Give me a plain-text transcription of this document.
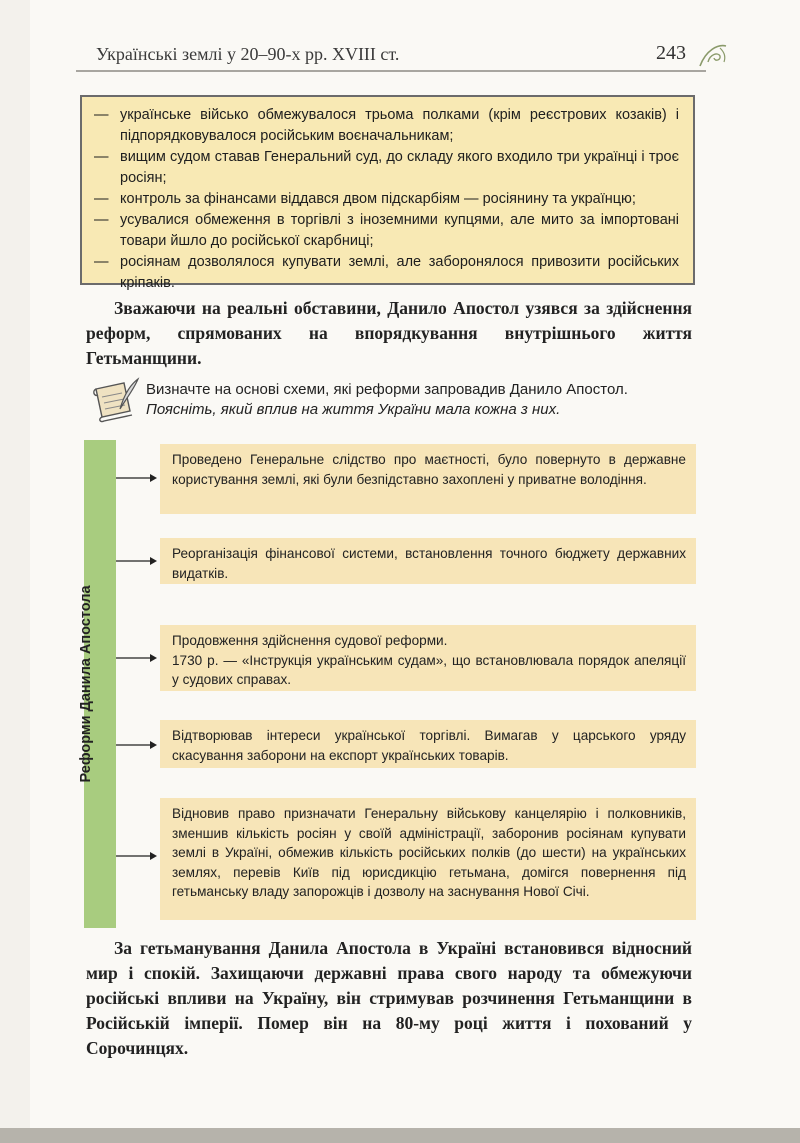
Українські землі у 20–90-х рр. XVIII ст.	243
— українське військо обмежувалося трьома полками (крім реєстрових козаків) і підпорядковувалося російським воєначальникам;
— вищим судом ставав Генеральний суд, до складу якого входило три українці і троє росіян;
— контроль за фінансами віддався двом підскарбіям — росіянину та українцю;
— усувалися обмеження в торгівлі з іноземними купцями, але мито за імпортовані товари йшло до російської скарбниці;
— росіянам дозволялося купувати землі, але заборонялося привозити російських кріпаків.
Зважаючи на реальні обставини, Данило Апостол узявся за здійснення реформ, спрямованих на впорядкування внутрішнього життя Гетьманщини.
Визначте на основі схеми, які реформи запровадив Данило Апостол.
Поясніть, який вплив на життя України мала кожна з них.
Реформи Данила Апостола

Проведено Генеральне слідство про маєтності, було повернуто в державне користування землі, які були безпідставно захоплені у приватне володіння.

Реорганізація фінансової системи, встановлення точного бюджету державних видатків.

Продовження здійснення судової реформи.

1730 р. — «Інструкція українським судам», що встановлювала порядок апеляції у судових справах.

Відтворював інтереси української торгівлі. Вимагав у царського уряду скасування заборони на експорт українських товарів.

Відновив право призначати Генеральну військову канцелярію і полковників, зменшив кількість росіян у своїй адміністрації, заборонив росіянам купувати землі в Україні, обмежив кількість російських полків (до шести) на українських землях, перевів Київ під юрисдикцію гетьмана, домігся повернення під гетьманську владу запорожців і дозволу на заснування Нової Січі.

За гетьманування Данила Апостола в Україні встановився відносний мир і спокій. Захищаючи державні права свого народу та обмежуючи російські впливи на Україну, він стримував розчинення Гетьманщини в Російській імперії. Помер він на 80-му році життя і похований у Сорочинцях.
